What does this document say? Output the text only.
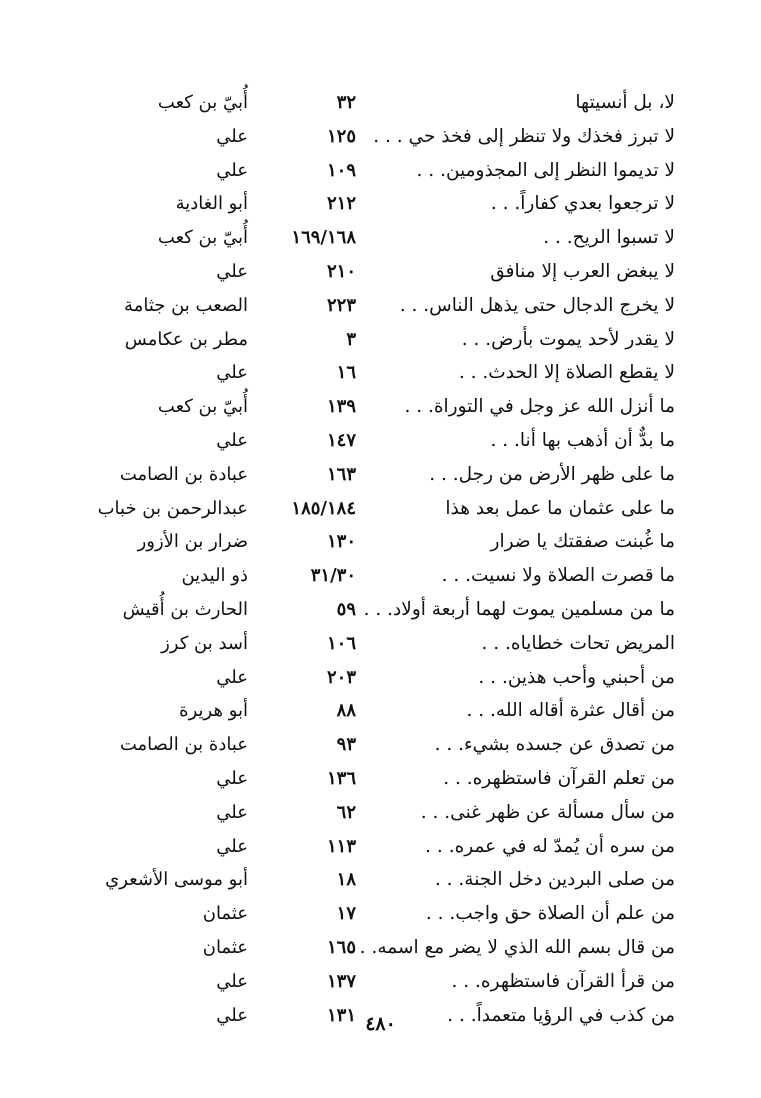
لا، بل أنسيتها
٣٢
أُبيّ بن كعب
لا تبرز فخذك ولا تنظر إلى فخذ حي . . .
١٢٥
علي
لا تديموا النظر إلى المجذومين. . .
١٠٩
علي
لا ترجعوا بعدي كفاراً. . .
٢١٢
أبو الغادية
لا تسبوا الريح. . .
١٦٩/١٦٨
أُبيّ بن كعب
لا يبغض العرب إلا منافق
٢١٠
علي
لا يخرج الدجال حتى يذهل الناس. . .
٢٢٣
الصعب بن جثامة
لا يقدر لأحد يموت بأرض. . .
٣
مطر بن عكامس
لا يقطع الصلاة إلا الحدث. . .
١٦
علي
ما أنزل الله عز وجل في التوراة. . .
١٣٩
أُبيّ بن كعب
ما بدٌّ أن أذهب بها أنا. . .
١٤٧
علي
ما على ظهر الأرض من رجل. . .
١٦٣
عبادة بن الصامت
ما على عثمان ما عمل بعد هذا
١٨٥/١٨٤
عبدالرحمن بن خباب
ما غُبنت صفقتك يا ضرار
١٣٠
ضرار بن الأزور
ما قصرت الصلاة ولا نسيت. . .
٣١/٣٠
ذو اليدين
ما من مسلمين يموت لهما أربعة أولاد. . .
٥٩
الحارث بن أُقيش
المريض تحات خطاياه. . .
١٠٦
أسد بن كرز
من أحبني وأحب هذين. . .
٢٠٣
علي
من أقال عثرة أقاله الله. . .
٨٨
أبو هريرة
من تصدق عن جسده بشيء. . .
٩٣
عبادة بن الصامت
من تعلم القرآن فاستظهره. . .
١٣٦
علي
من سأل مسألة عن ظهر غنى. . .
٦٢
علي
من سره أن يُمدّ له في عمره. . .
١١٣
علي
من صلى البردين دخل الجنة. . .
١٨
أبو موسى الأشعري
من علم أن الصلاة حق واجب. . .
١٧
عثمان
من قال بسم الله الذي لا يضر مع اسمه. . .
١٦٥
عثمان
من قرأ القرآن فاستظهره. . .
١٣٧
علي
من كذب في الرؤيا متعمداً. . .
١٣١
علي	٤٨٠
